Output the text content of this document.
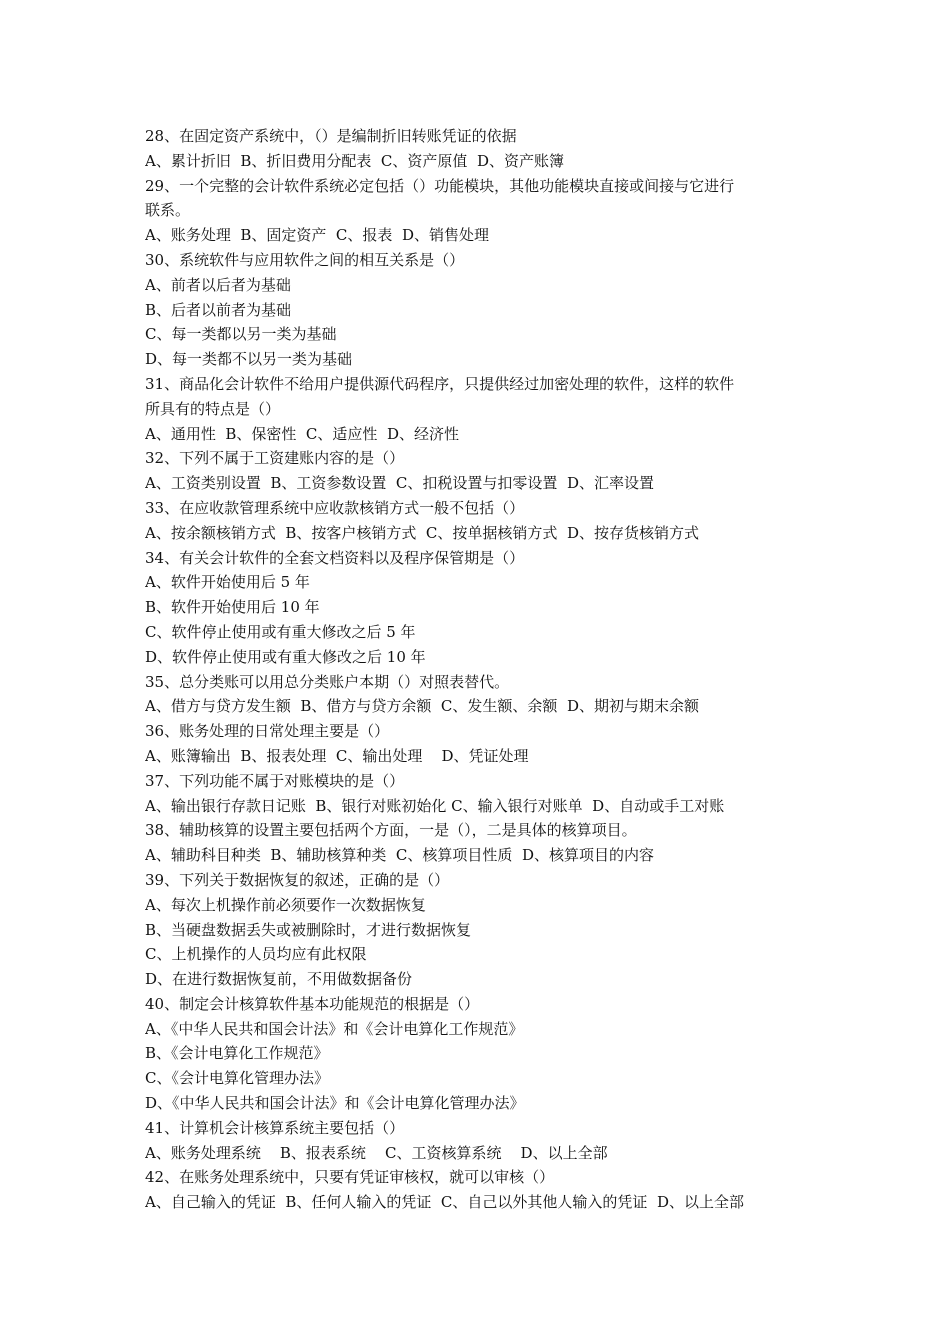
28、在固定资产系统中，（）是编制折旧转账凭证的依据
A、累计折旧  B、折旧费用分配表  C、资产原值  D、资产账簿
29、一个完整的会计软件系统必定包括（）功能模块，其他功能模块直接或间接与它进行
联系。
A、账务处理  B、固定资产  C、报表  D、销售处理
30、系统软件与应用软件之间的相互关系是（）
A、前者以后者为基础
B、后者以前者为基础
C、每一类都以另一类为基础
D、每一类都不以另一类为基础
31、商品化会计软件不给用户提供源代码程序，只提供经过加密处理的软件，这样的软件
所具有的特点是（）
A、通用性  B、保密性  C、适应性  D、经济性
32、下列不属于工资建账内容的是（）
A、工资类别设置  B、工资参数设置  C、扣税设置与扣零设置  D、汇率设置
33、在应收款管理系统中应收款核销方式一般不包括（）
A、按余额核销方式  B、按客户核销方式  C、按单据核销方式  D、按存货核销方式
34、有关会计软件的全套文档资料以及程序保管期是（）
A、软件开始使用后 5 年
B、软件开始使用后 10 年
C、软件停止使用或有重大修改之后 5 年
D、软件停止使用或有重大修改之后 10 年
35、总分类账可以用总分类账户本期（）对照表替代。
A、借方与贷方发生额  B、借方与贷方余额  C、发生额、余额  D、期初与期末余额
36、账务处理的日常处理主要是（）
A、账簿输出  B、报表处理  C、输出处理    D、凭证处理
37、下列功能不属于对账模块的是（）
A、输出银行存款日记账  B、银行对账初始化 C、输入银行对账单  D、自动或手工对账
38、辅助核算的设置主要包括两个方面，一是（），二是具体的核算项目。
A、辅助科目种类  B、辅助核算种类  C、核算项目性质  D、核算项目的内容
39、下列关于数据恢复的叙述，正确的是（）
A、每次上机操作前必须要作一次数据恢复
B、当硬盘数据丢失或被删除时，才进行数据恢复
C、上机操作的人员均应有此权限
D、在进行数据恢复前，不用做数据备份
40、制定会计核算软件基本功能规范的根据是（）
A、《中华人民共和国会计法》和《会计电算化工作规范》
B、《会计电算化工作规范》
C、《会计电算化管理办法》
D、《中华人民共和国会计法》和《会计电算化管理办法》
41、计算机会计核算系统主要包括（）
A、账务处理系统    B、报表系统    C、工资核算系统    D、以上全部
42、在账务处理系统中，只要有凭证审核权，就可以审核（）
A、自己输入的凭证  B、任何人输入的凭证  C、自己以外其他人输入的凭证  D、以上全部
